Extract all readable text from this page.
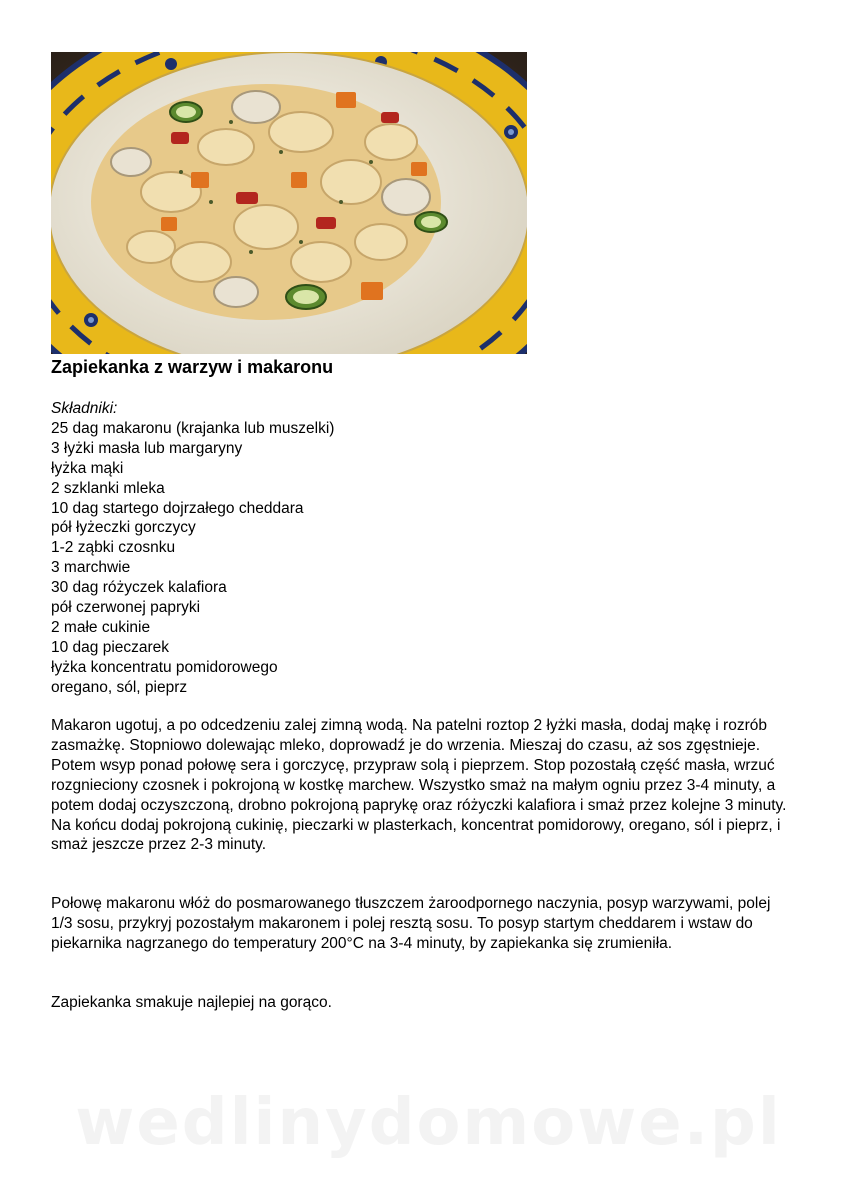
Zapiekanka z warzyw i makaronu
Składniki:
25 dag makaronu (krajanka lub muszelki)
3 łyżki masła lub margaryny
łyżka mąki
2 szklanki mleka
10 dag startego dojrzałego cheddara
pół łyżeczki gorczycy
1-2 ząbki czosnku
3 marchwie
30 dag różyczek kalafiora
pół czerwonej papryki
2 małe cukinie
10 dag pieczarek
łyżka koncentratu pomidorowego
oregano, sól, pieprz

Makaron ugotuj, a po odcedzeniu zalej zimną wodą. Na patelni roztop 2 łyżki masła, dodaj mąkę i rozrób zasmażkę. Stopniowo dolewając mleko, doprowadź je do wrzenia. Mieszaj do czasu, aż sos zgęstnieje. Potem wsyp ponad połowę sera i gorczycę, przypraw solą i pieprzem. Stop pozostałą część masła, wrzuć rozgnieciony czosnek i pokrojoną w kostkę marchew. Wszystko smaż na małym ogniu przez 3-4 minuty, a potem dodaj oczyszczoną, drobno pokrojoną paprykę oraz różyczki kalafiora i smaż przez kolejne 3 minuty. Na końcu dodaj pokrojoną cukinię, pieczarki w plasterkach, koncentrat pomidorowy, oregano, sól i pieprz, i smaż jeszcze przez 2-3 minuty.

Połowę makaronu włóż do posmarowanego tłuszczem żaroodpornego naczynia, posyp warzywami, polej 1/3 sosu, przykryj pozostałym makaronem i polej resztą sosu. To posyp startym cheddarem i wstaw do piekarnika nagrzanego do temperatury 200°C na 3-4 minuty, by zapiekanka się zrumieniła.

Zapiekanka smakuje najlepiej na gorąco.

wedlinydomowe.pl
